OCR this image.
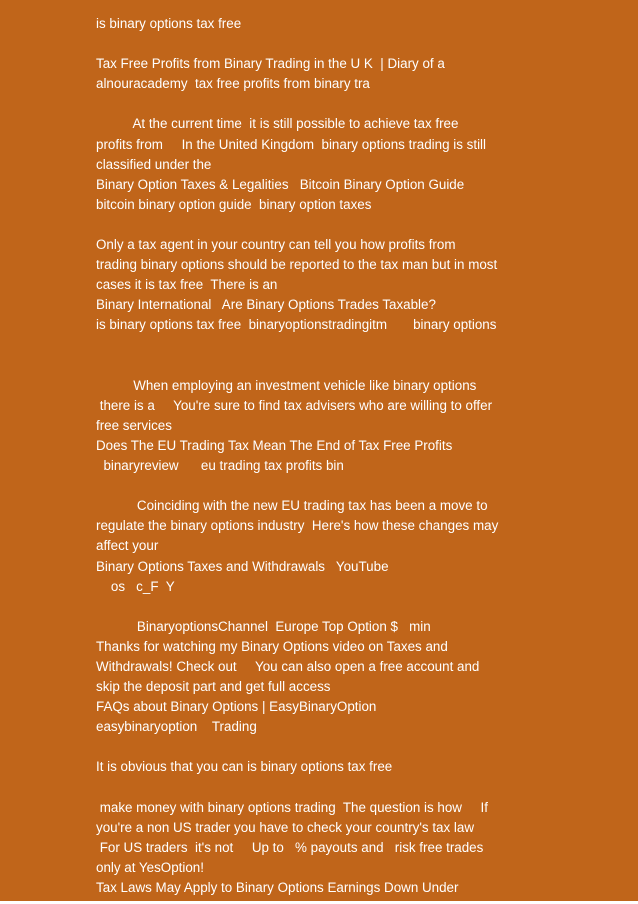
is binary options tax free
Tax Free Profits from Binary Trading in the U K  | Diary of a
alnouracademy  tax free profits from binary tra
At the current time  it is still possible to achieve tax free
profits from     In the United Kingdom  binary options trading is still
classified under the
Binary Option Taxes & Legalities   Bitcoin Binary Option Guide
bitcoin binary option guide  binary option taxes
Only a tax agent in your country can tell you how profits from
trading binary options should be reported to the tax man but in most
cases it is tax free  There is an
Binary International   Are Binary Options Trades Taxable?
is binary options tax free  binaryoptionstradingitm       binary options
When employing an investment vehicle like binary options
there is a     You're sure to find tax advisers who are willing to offer
free services
Does The EU Trading Tax Mean The End of Tax Free Profits
binaryreview      eu trading tax profits bin
Coinciding with the new EU trading tax has been a move to
regulate the binary options industry  Here's how these changes may
affect your
Binary Options Taxes and Withdrawals   YouTube
os   c_F  Y
BinaryoptionsChannel  Europe Top Option $   min
Thanks for watching my Binary Options video on Taxes and
Withdrawals! Check out     You can also open a free account and
skip the deposit part and get full access
FAQs about Binary Options | EasyBinaryOption
easybinaryoption    Trading
It is obvious that you can is binary options tax free
make money with binary options trading  The question is how     If
you're a non US trader you have to check your country's tax law
For US traders  it's not     Up to   % payouts and   risk free trades
only at YesOption!
Tax Laws May Apply to Binary Options Earnings Down Under
